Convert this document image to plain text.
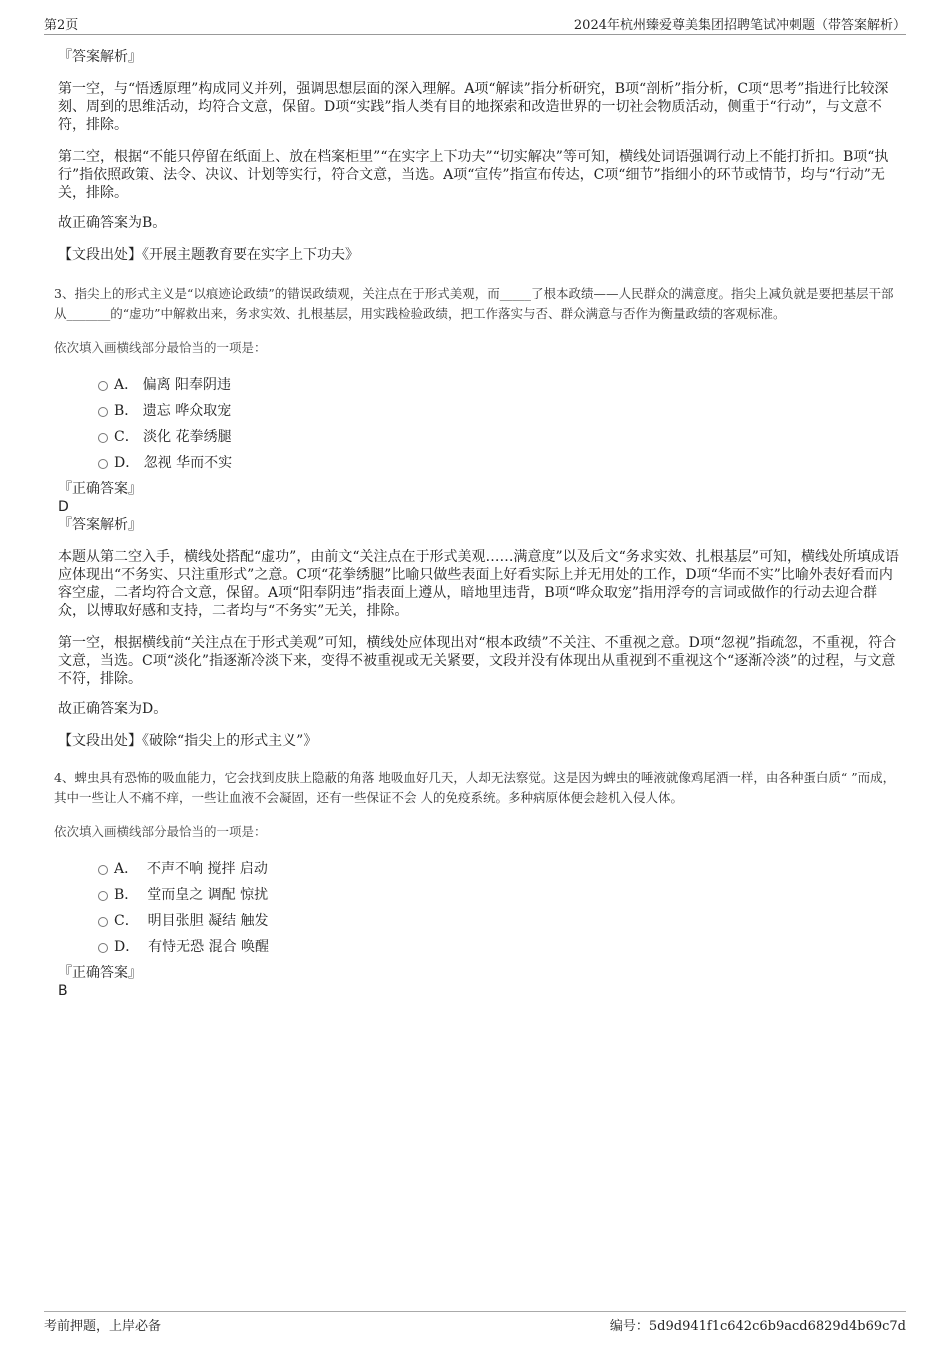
第2页	2024年杭州臻爱尊美集团招聘笔试冲刺题（带答案解析）
『答案解析』

第一空，与“悟透原理”构成同义并列，强调思想层面的深入理解。A项“解读”指分析研究，B项“剖析”指分析，C项“思考”指进行比较深刻、周到的思维活动，均符合文意，保留。D项“实践”指人类有目的地探索和改造世界的一切社会物质活动，侧重于“行动”，与文意不符，排除。

第二空，根据“不能只停留在纸面上、放在档案柜里”“在实字上下功夫”“切实解决”等可知，横线处词语强调行动上不能打折扣。B项“执行”指依照政策、法令、决议、计划等实行，符合文意，当选。A项“宣传”指宣布传达，C项“细节”指细小的环节或情节，均与“行动”无关，排除。

故正确答案为B。

【文段出处】《开展主题教育要在实字上下功夫》

3、指尖上的形式主义是“以痕迹论政绩”的错误政绩观，关注点在于形式美观，而_____了根本政绩——人民群众的满意度。指尖上减负就是要把基层干部从_______的“虚功”中解救出来，务求实效、扎根基层，用实践检验政绩，把工作落实与否、群众满意与否作为衡量政绩的客观标准。

依次填入画横线部分最恰当的一项是：

A． 偏离 阳奉阴违
B． 遗忘 哗众取宠
C． 淡化 花拳绣腿
D． 忽视 华而不实
『正确答案』
D
『答案解析』

本题从第二空入手，横线处搭配“虚功”，由前文“关注点在于形式美观……满意度”以及后文“务求实效、扎根基层”可知，横线处所填成语应体现出“不务实、只注重形式”之意。C项“花拳绣腿”比喻只做些表面上好看实际上并无用处的工作，D项“华而不实”比喻外表好看而内容空虚，二者均符合文意，保留。A项“阳奉阴违”指表面上遵从，暗地里违背，B项“哗众取宠”指用浮夸的言词或做作的行动去迎合群众，以博取好感和支持，二者均与“不务实”无关，排除。

第一空，根据横线前“关注点在于形式美观”可知，横线处应体现出对“根本政绩”不关注、不重视之意。D项“忽视”指疏忽，不重视，符合文意，当选。C项“淡化”指逐渐冷淡下来，变得不被重视或无关紧要，文段并没有体现出从重视到不重视这个“逐渐冷淡”的过程，与文意不符，排除。

故正确答案为D。

【文段出处】《破除“指尖上的形式主义”》

4、蜱虫具有恐怖的吸血能力，它会找到皮肤上隐蔽的角落 地吸血好几天，人却无法察觉。这是因为蜱虫的唾液就像鸡尾酒一样，由各种蛋白质“ ”而成，其中一些让人不痛不痒，一些让血液不会凝固，还有一些保证不会 人的免疫系统。多种病原体便会趁机入侵人体。

依次填入画横线部分最恰当的一项是：

A． 不声不响 搅拌 启动
B． 堂而皇之 调配 惊扰
C． 明目张胆 凝结 触发
D． 有恃无恐 混合 唤醒
『正确答案』
B
考前押题，上岸必备	编号：5d9d941f1c642c6b9acd6829d4b69c7d
